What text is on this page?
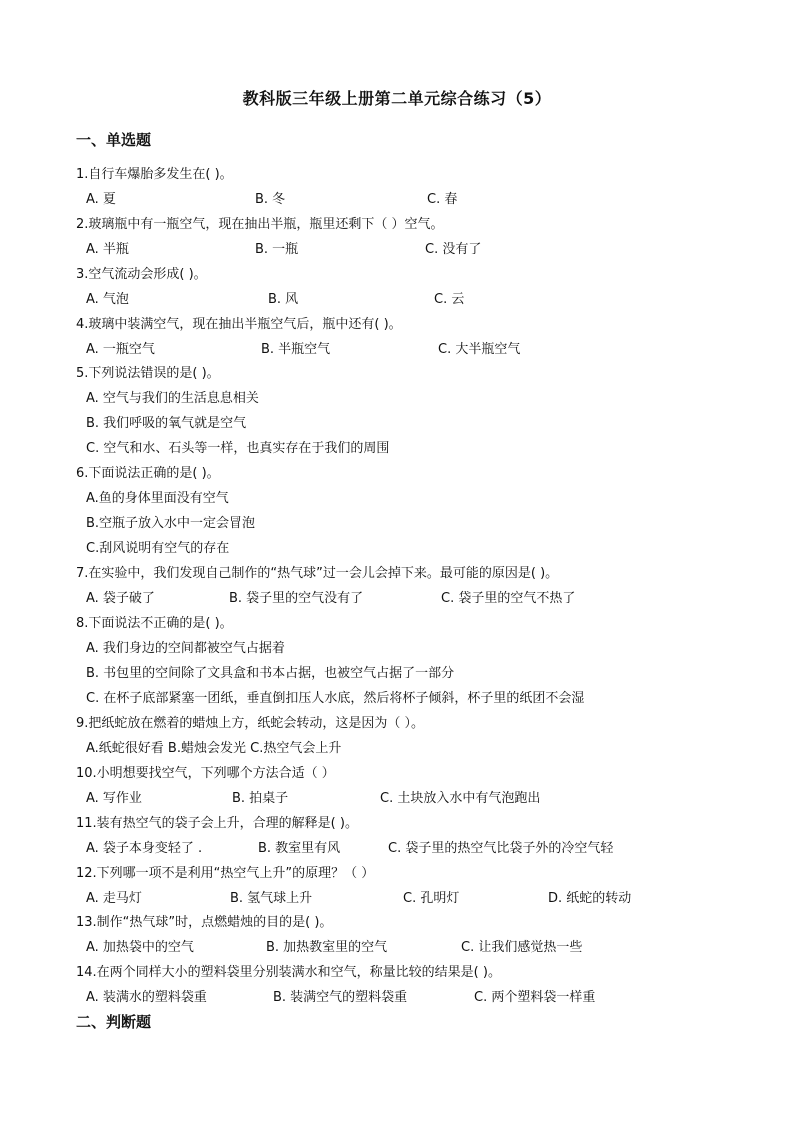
教科版三年级上册第二单元综合练习（5）
一、单选题
1.自行车爆胎多发生在( )。
A. 夏	B. 冬	C. 春
2.玻璃瓶中有一瓶空气，现在抽出半瓶，瓶里还剩下（ ）空气。
A. 半瓶	B. 一瓶	C. 没有了
3.空气流动会形成( )。
A. 气泡	B. 风	C. 云
4.玻璃中装满空气，现在抽出半瓶空气后，瓶中还有( )。
A. 一瓶空气	B. 半瓶空气	C. 大半瓶空气
5.下列说法错误的是( )。
A. 空气与我们的生活息息相关
B. 我们呼吸的氧气就是空气
C. 空气和水、石头等一样，也真实存在于我们的周围
6.下面说法正确的是( )。
A.鱼的身体里面没有空气
B.空瓶子放入水中一定会冒泡
C.刮风说明有空气的存在
7.在实验中，我们发现自己制作的“热气球”过一会儿会掉下来。最可能的原因是( )。
A. 袋子破了	B. 袋子里的空气没有了	C. 袋子里的空气不热了
8.下面说法不正确的是( )。
A. 我们身边的空间都被空气占据着
B. 书包里的空间除了文具盒和书本占据，也被空气占据了一部分
C. 在杯子底部紧塞一团纸，垂直倒扣压人水底，然后将杯子倾斜，杯子里的纸团不会湿
9.把纸蛇放在燃着的蜡烛上方，纸蛇会转动，这是因为（ ）。
A.纸蛇很好看 B.蜡烛会发光 C.热空气会上升
10.小明想要找空气，下列哪个方法合适（ ）
A. 写作业	B. 拍桌子	C. 土块放入水中有气泡跑出
11.装有热空气的袋子会上升，合理的解释是( )。
A. 袋子本身变轻了 .	B. 教室里有风	C. 袋子里的热空气比袋子外的冷空气轻
12.下列哪一项不是利用“热空气上升”的原理？（ ）
A. 走马灯	B. 氢气球上升	C. 孔明灯	D. 纸蛇的转动
13.制作“热气球”时，点燃蜡烛的目的是( )。
A. 加热袋中的空气	B. 加热教室里的空气	C. 让我们感觉热一些
14.在两个同样大小的塑料袋里分别装满水和空气，称量比较的结果是( )。
A. 装满水的塑料袋重	B. 装满空气的塑料袋重	C. 两个塑料袋一样重
二、判断题
